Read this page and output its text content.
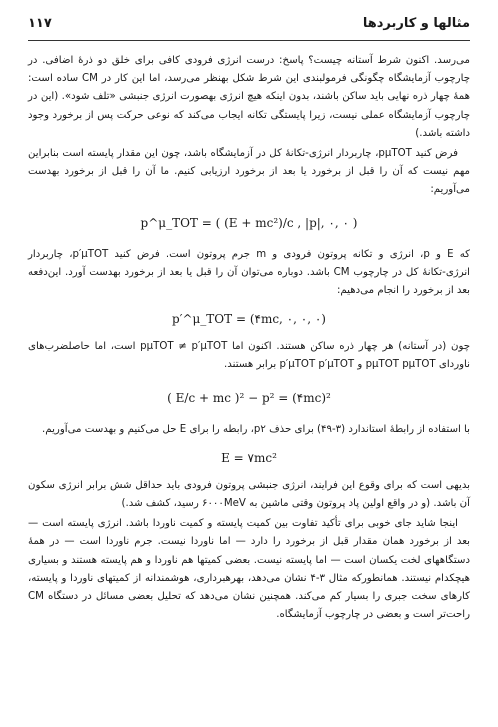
مثالها و کاربردها
۱۱۷

می‌رسد. اکنون شرط آستانه چیست؟ پاسخ: درست انرژی فرودی کافی برای خلق دو ذرهٔ اضافی. در چارچوب آزمایشگاه چگونگی فرمولبندی این شرط شکل بهنظر می‌رسد، اما این کار در CM ساده است: همهٔ چهار ذره نهایی باید ساکن باشند، بدون اینکه هیچ انرژی بهصورت انرژی جنبشی «تلف شود». (این در چارچوب آزمایشگاه عملی نیست، زیرا پایستگی تکانه ایجاب می‌کند که نوعی حرکت پس از برخورد وجود داشته باشد.)

فرض کنید pμTOT، چاربردار انرژی‑تکانهٔ کل در آزمایشگاه باشد، چون این مقدار پایسته است بنابراین مهم نیست که آن را قبل از برخورد یا بعد از برخورد ارزیابی کنیم. ما آن را قبل از برخورد بهدست می‌آوریم:

p^μ_TOT = ( (E + mc²)/c , |p|, ۰, ۰ )

که E و p، انرژی و تکانه پروتون فرودی و m جرم پروتون است. فرض کنید p′μTOT، چاربردار انرژی‑تکانهٔ کل در چارچوب CM باشد. دوباره می‌توان آن را قبل یا بعد از برخورد بهدست آورد. این‌دفعه بعد از برخورد را انجام می‌دهیم:

p′^μ_TOT = (۴mc, ۰, ۰, ۰)

چون (در آستانه) هر چهار ذره ساکن هستند. اکنون اما pμTOT ≠ p′μTOT است، اما حاصلضرب‌های ناوردای pμTOT pμTOT و p′μTOT p′μTOT برابر هستند.

( E/c + mc )² − p² = (۴mc)²

با استفاده از رابطهٔ استاندارد (۳‑۴۹) برای حذف p۲، رابطه را برای E حل می‌کنیم و بهدست می‌آوریم.

E = ۷mc²

بدیهی است که برای وقوع این فرایند، انرژی جنبشی پروتون فرودی باید حداقل شش برابر انرژی سکون آن باشد. (و در واقع اولین پاد پروتون وقتی ماشین به ۶۰۰۰MeV رسید، کشف شد.)

اینجا شاید جای خوبی برای تأکید تفاوت بین کمیت پایسته و کمیت ناوردا باشد. انرژی پایسته است — بعد از برخورد همان مقدار قبل از برخورد را دارد — اما ناوردا نیست. جرم ناوردا است — در همهٔ دستگاههای لخت یکسان است — اما پایسته نیست. بعضی کمیتها هم ناوردا و هم پایسته هستند و بسیاری هیچکدام نیستند. همانطورکه مثال ۳‑۴ نشان می‌دهد، بهرهبرداری، هوشمندانه از کمیتهای ناوردا و پایسته، کارهای سخت جبری را بسیار کم می‌کند. همچنین نشان می‌دهد که تحلیل بعضی مسائل در دستگاه CM راحت‌تر است و بعضی در چارچوب آزمایشگاه.
